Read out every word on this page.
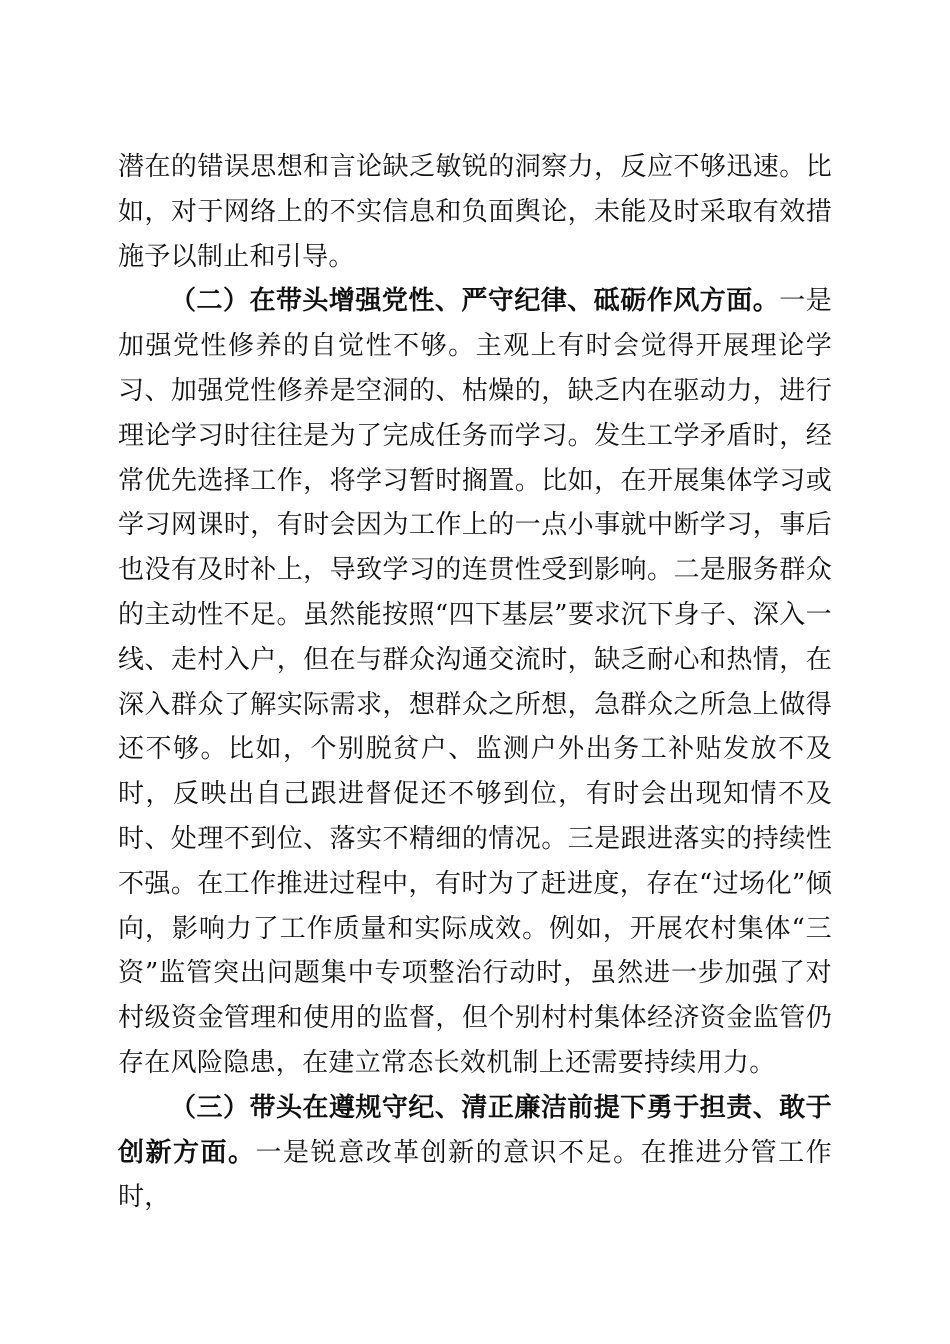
潜在的错误思想和言论缺乏敏锐的洞察力，反应不够迅速。比如，对于网络上的不实信息和负面舆论，未能及时采取有效措施予以制止和引导。

（二）在带头增强党性、严守纪律、砥砺作风方面。一是加强党性修养的自觉性不够。主观上有时会觉得开展理论学习、加强党性修养是空洞的、枯燥的，缺乏内在驱动力，进行理论学习时往往是为了完成任务而学习。发生工学矛盾时，经常优先选择工作，将学习暂时搁置。比如，在开展集体学习或学习网课时，有时会因为工作上的一点小事就中断学习，事后也没有及时补上，导致学习的连贯性受到影响。二是服务群众的主动性不足。虽然能按照“四下基层”要求沉下身子、深入一线、走村入户，但在与群众沟通交流时，缺乏耐心和热情，在深入群众了解实际需求，想群众之所想，急群众之所急上做得还不够。比如，个别脱贫户、监测户外出务工补贴发放不及时，反映出自己跟进督促还不够到位，有时会出现知情不及时、处理不到位、落实不精细的情况。三是跟进落实的持续性不强。在工作推进过程中，有时为了赶进度，存在“过场化”倾向，影响力了工作质量和实际成效。例如，开展农村集体“三资”监管突出问题集中专项整治行动时，虽然进一步加强了对村级资金管理和使用的监督，但个别村村集体经济资金监管仍存在风险隐患，在建立常态长效机制上还需要持续用力。

（三）带头在遵规守纪、清正廉洁前提下勇于担责、敢于创新方面。一是锐意改革创新的意识不足。在推进分管工作时，
